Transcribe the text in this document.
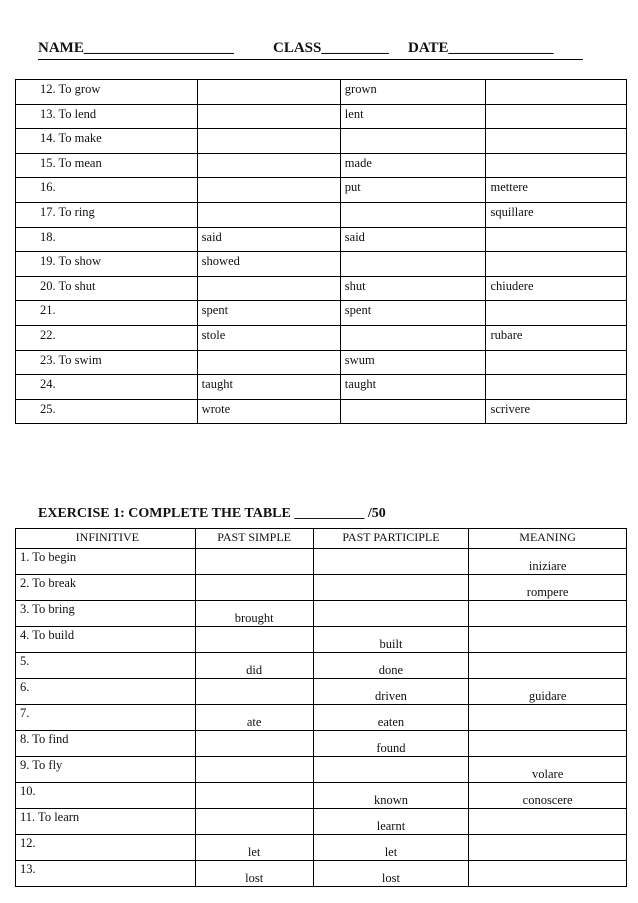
NAME____________________	CLASS_________ DATE______________
12. To grow		grown	
13. To lend		lent	
14. To make			
15. To mean		made	
16.		put	mettere
17. To ring			squillare
18.	said	said	
19. To show	showed		
20. To shut		shut	chiudere
21.	spent	spent	
22.	stole		rubare
23. To swim		swum	
24.	taught	taught	
25.	wrote		scrivere
EXERCISE 1: COMPLETE THE TABLE __________ /50
INFINITIVE	PAST SIMPLE	PAST PARTICIPLE	MEANING
1. To begin			iniziare
2. To break			rompere
3. To bring	brought		
4. To build		built	
5.	did	done	
6.		driven	guidare
7.	ate	eaten	
8. To find		found	
9. To fly			volare
10.		known	conoscere
11. To learn		learnt	
12.	let	let	
13.	lost	lost	
